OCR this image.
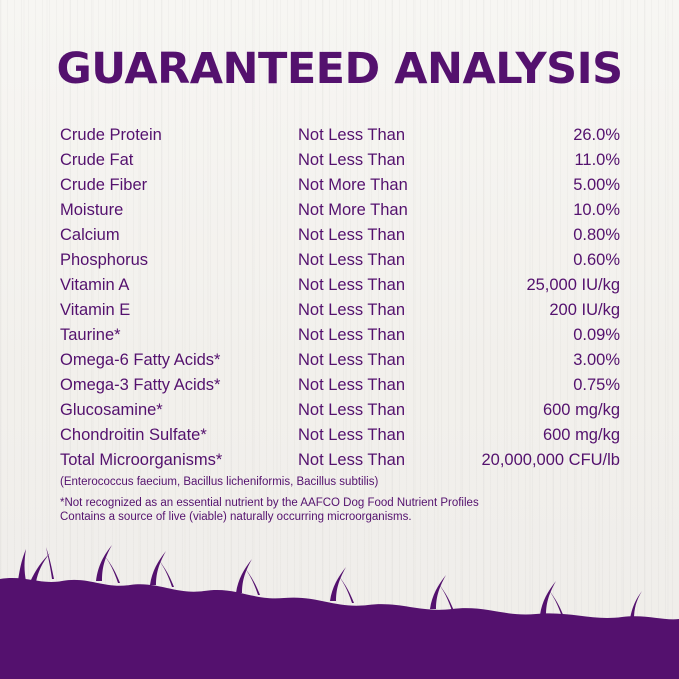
GUARANTEED ANALYSIS
Crude Protein	Not Less Than	26.0%
Crude Fat	Not Less Than	11.0%
Crude Fiber	Not More Than	5.00%
Moisture	Not More Than	10.0%
Calcium	Not Less Than	0.80%
Phosphorus	Not Less Than	0.60%
Vitamin A	Not Less Than	25,000 IU/kg
Vitamin E	Not Less Than	200 IU/kg
Taurine*	Not Less Than	0.09%
Omega-6 Fatty Acids*	Not Less Than	3.00%
Omega-3 Fatty Acids*	Not Less Than	0.75%
Glucosamine*	Not Less Than	600 mg/kg
Chondroitin Sulfate*	Not Less Than	600 mg/kg
Total Microorganisms*	Not Less Than	20,000,000 CFU/lb
(Enterococcus faecium, Bacillus licheniformis, Bacillus subtilis)
*Not recognized as an essential nutrient by the AAFCO Dog Food Nutrient Profiles
Contains a source of live (viable) naturally occurring microorganisms.
